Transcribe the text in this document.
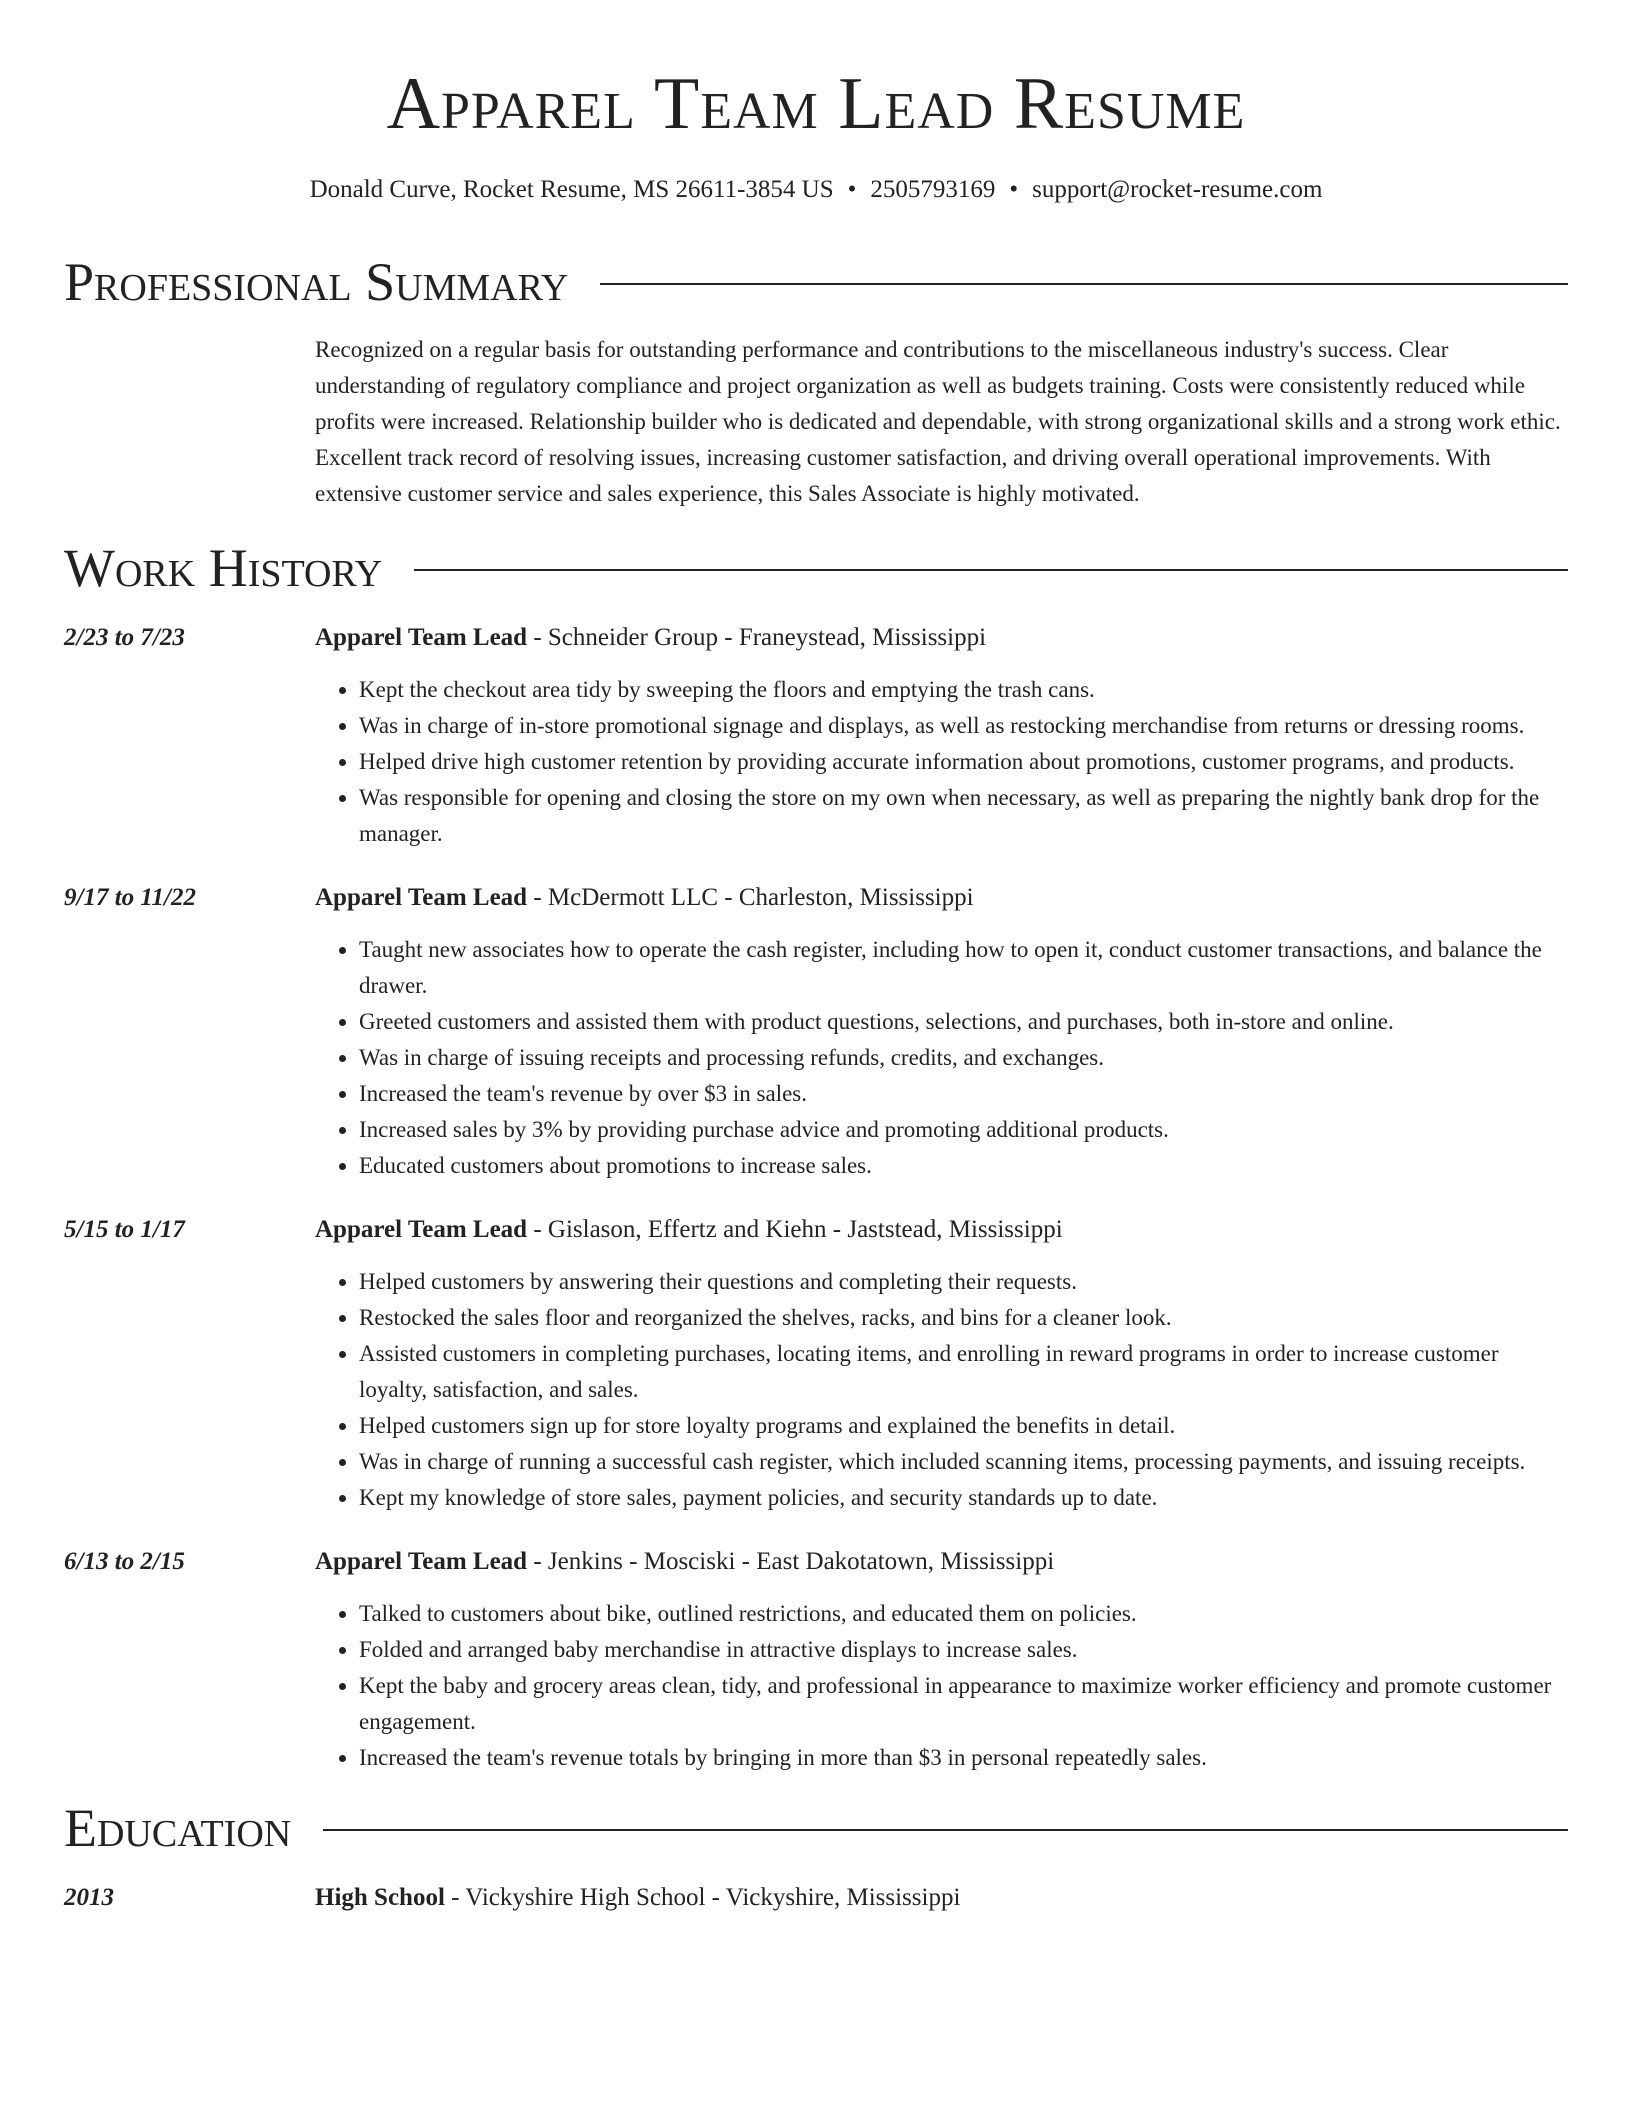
Apparel Team Lead Resume
Donald Curve, Rocket Resume, MS 26611-3854 US • 2505793169 • support@rocket-resume.com
Professional Summary
Recognized on a regular basis for outstanding performance and contributions to the miscellaneous industry's success. Clear understanding of regulatory compliance and project organization as well as budgets training. Costs were consistently reduced while profits were increased. Relationship builder who is dedicated and dependable, with strong organizational skills and a strong work ethic. Excellent track record of resolving issues, increasing customer satisfaction, and driving overall operational improvements. With extensive customer service and sales experience, this Sales Associate is highly motivated.
Work History
2/23 to 7/23	Apparel Team Lead - Schneider Group - Franeystead, Mississippi
• Kept the checkout area tidy by sweeping the floors and emptying the trash cans.
• Was in charge of in-store promotional signage and displays, as well as restocking merchandise from returns or dressing rooms.
• Helped drive high customer retention by providing accurate information about promotions, customer programs, and products.
• Was responsible for opening and closing the store on my own when necessary, as well as preparing the nightly bank drop for the manager.
9/17 to 11/22	Apparel Team Lead - McDermott LLC - Charleston, Mississippi
• Taught new associates how to operate the cash register, including how to open it, conduct customer transactions, and balance the drawer.
• Greeted customers and assisted them with product questions, selections, and purchases, both in-store and online.
• Was in charge of issuing receipts and processing refunds, credits, and exchanges.
• Increased the team's revenue by over $3 in sales.
• Increased sales by 3% by providing purchase advice and promoting additional products.
• Educated customers about promotions to increase sales.
5/15 to 1/17	Apparel Team Lead - Gislason, Effertz and Kiehn - Jaststead, Mississippi
• Helped customers by answering their questions and completing their requests.
• Restocked the sales floor and reorganized the shelves, racks, and bins for a cleaner look.
• Assisted customers in completing purchases, locating items, and enrolling in reward programs in order to increase customer loyalty, satisfaction, and sales.
• Helped customers sign up for store loyalty programs and explained the benefits in detail.
• Was in charge of running a successful cash register, which included scanning items, processing payments, and issuing receipts.
• Kept my knowledge of store sales, payment policies, and security standards up to date.
6/13 to 2/15	Apparel Team Lead - Jenkins - Mosciski - East Dakotatown, Mississippi
• Talked to customers about bike, outlined restrictions, and educated them on policies.
• Folded and arranged baby merchandise in attractive displays to increase sales.
• Kept the baby and grocery areas clean, tidy, and professional in appearance to maximize worker efficiency and promote customer engagement.
• Increased the team's revenue totals by bringing in more than $3 in personal repeatedly sales.
Education
2013	High School - Vickyshire High School - Vickyshire, Mississippi
